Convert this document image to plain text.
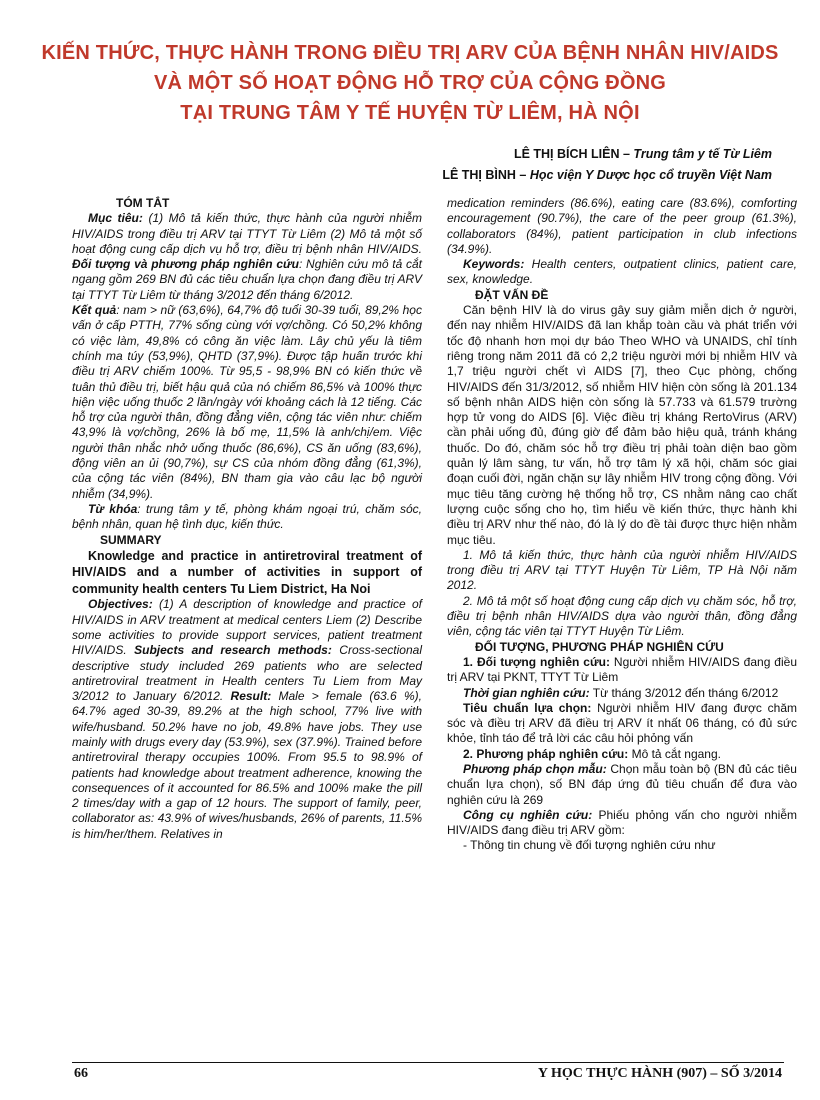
KIẾN THỨC, THỰC HÀNH TRONG ĐIỀU TRỊ ARV CỦA BỆNH NHÂN HIV/AIDS
VÀ MỘT SỐ HOẠT ĐỘNG HỖ TRỢ CỦA CỘNG ĐỒNG
TẠI TRUNG TÂM Y TẾ HUYỆN TỪ LIÊM, HÀ NỘI
LÊ THỊ BÍCH LIÊN – Trung tâm y tế Từ Liêm
LÊ THỊ BÌNH – Học viện Y Dược học cổ truyền Việt Nam

TÓM TẮT

Mục tiêu: (1) Mô tả kiến thức, thực hành của người nhiễm HIV/AIDS trong điều trị ARV tại TTYT Từ Liêm (2) Mô tả một số hoạt động cung cấp dịch vụ hỗ trợ, điều trị bệnh nhân HIV/AIDS. Đối tượng và phương pháp nghiên cứu: Nghiên cứu mô tả cắt ngang gồm 269 BN đủ các tiêu chuẩn lựa chọn đang điều trị ARV tại TTYT Từ Liêm từ tháng 3/2012 đến tháng 6/2012.

Kết quả: nam > nữ (63,6%), 64,7% độ tuổi 30-39 tuổi, 89,2% học vấn ở cấp PTTH, 77% sống cùng với vợ/chồng. Có 50,2% không có việc làm, 49,8% có công ăn việc làm. Lây chủ yếu là tiêm chính ma túy (53,9%), QHTD (37,9%). Được tập huấn trước khi điều trị ARV chiếm 100%. Từ 95,5 - 98,9% BN có kiến thức về tuân thủ điều trị, biết hậu quả của nó chiếm 86,5% và 100% thực hiện việc uống thuốc 2 lần/ngày với khoảng cách là 12 tiếng. Các hỗ trợ của người thân, đồng đẳng viên, cộng tác viên như: chiếm 43,9% là vợ/chồng, 26% là bố mẹ, 11,5% là anh/chị/em. Việc người thân nhắc nhở uống thuốc (86,6%), CS ăn uống (83,6%), động viên an ủi (90,7%), sự CS của nhóm đồng đẳng (61,3%), của cộng tác viên (84%), BN tham gia vào câu lạc bộ người nhiễm (34,9%).

Từ khóa: trung tâm y tế, phòng khám ngoại trú, chăm sóc, bệnh nhân, quan hệ tình dục, kiến thức.

SUMMARY

Knowledge and practice in antiretroviral treatment of HIV/AIDS and a number of activities in support of community health centers Tu Liem District, Ha Noi

Objectives: (1) A description of knowledge and practice of HIV/AIDS in ARV treatment at medical centers Liem (2) Describe some activities to provide support services, patient treatment HIV/AIDS. Subjects and research methods: Cross-sectional descriptive study included 269 patients who are selected antiretroviral treatment in Health centers Tu Liem from May 3/2012 to January 6/2012. Result: Male > female (63.6 %), 64.7% aged 30-39, 89.2% at the high school, 77% live with wife/husband. 50.2% have no job, 49.8% have jobs. They use mainly with drugs every day (53.9%), sex (37.9%). Trained before antiretroviral therapy occupies 100%. From 95.5 to 98.9% of patients had knowledge about treatment adherence, knowing the consequences of it accounted for 86.5% and 100% make the pill 2 times/day with a gap of 12 hours. The support of family, peer, collaborator as: 43.9% of wives/husbands, 26% of parents, 11.5% is him/her/them. Relatives in

medication reminders (86.6%), eating care (83.6%), comforting encouragement (90.7%), the care of the peer group (61.3%), collaborators (84%), patient participation in club infections (34.9%).

Keywords: Health centers, outpatient clinics, patient care, sex, knowledge.

ĐẶT VẤN ĐỀ

Căn bệnh HIV là do virus gây suy giảm miễn dịch ở người, đến nay nhiễm HIV/AIDS đã lan khắp toàn cầu và phát triển với tốc độ nhanh hơn mọi dự báo Theo WHO và UNAIDS, chỉ tính riêng trong năm 2011 đã có 2,2 triệu người mới bị nhiễm HIV và 1,7 triệu người chết vì AIDS [7], theo Cục phòng, chống HIV/AIDS đến 31/3/2012, số nhiễm HIV hiện còn sống là 201.134 số bệnh nhân AIDS hiện còn sống là 57.733 và 61.579 trường hợp tử vong do AIDS [6]. Việc điều trị kháng RertoVirus (ARV) cần phải uống đủ, đúng giờ để đảm bảo hiệu quả, tránh kháng thuốc. Do đó, chăm sóc hỗ trợ điều trị phải toàn diện bao gồm quản lý lâm sàng, tư vấn, hỗ trợ tâm lý xã hội, chăm sóc giai đoạn cuối đời, ngăn chặn sự lây nhiễm HIV trong cộng đồng. Với mục tiêu tăng cường hệ thống hỗ trợ, CS nhằm nâng cao chất lượng cuộc sống cho họ, tìm hiểu về kiến thức, thực hành khi điều trị ARV như thế nào, đó là lý do đề tài được thực hiện nhằm mục tiêu.

1. Mô tả kiến thức, thực hành của người nhiễm HIV/AIDS trong điều trị ARV tại TTYT Huyện Từ Liêm, TP Hà Nội năm 2012.

2. Mô tả một số hoạt động cung cấp dịch vụ chăm sóc, hỗ trợ, điều trị bệnh nhân HIV/AIDS dựa vào người thân, đồng đẳng viên, cộng tác viên tại TTYT Huyện Từ Liêm.

ĐỐI TƯỢNG, PHƯƠNG PHÁP NGHIÊN CỨU

1. Đối tượng nghiên cứu: Người nhiễm HIV/AIDS đang điều trị ARV tại PKNT, TTYT Từ Liêm

Thời gian nghiên cứu: Từ tháng 3/2012 đến tháng 6/2012

Tiêu chuẩn lựa chọn: Người nhiễm HIV đang được chăm sóc và điều trị ARV đã điều trị ARV ít nhất 06 tháng, có đủ sức khỏe, tỉnh táo để trả lời các câu hỏi phỏng vấn

2. Phương pháp nghiên cứu: Mô tả cắt ngang.

Phương pháp chọn mẫu: Chọn mẫu toàn bộ (BN đủ các tiêu chuẩn lựa chọn), số BN đáp ứng đủ tiêu chuẩn để đưa vào nghiên cứu là 269

Công cụ nghiên cứu: Phiếu phỏng vấn cho người nhiễm HIV/AIDS đang điều trị ARV gồm:

- Thông tin chung về đối tượng nghiên cứu như

66	Y HỌC THỰC HÀNH (907) – SỐ 3/2014
